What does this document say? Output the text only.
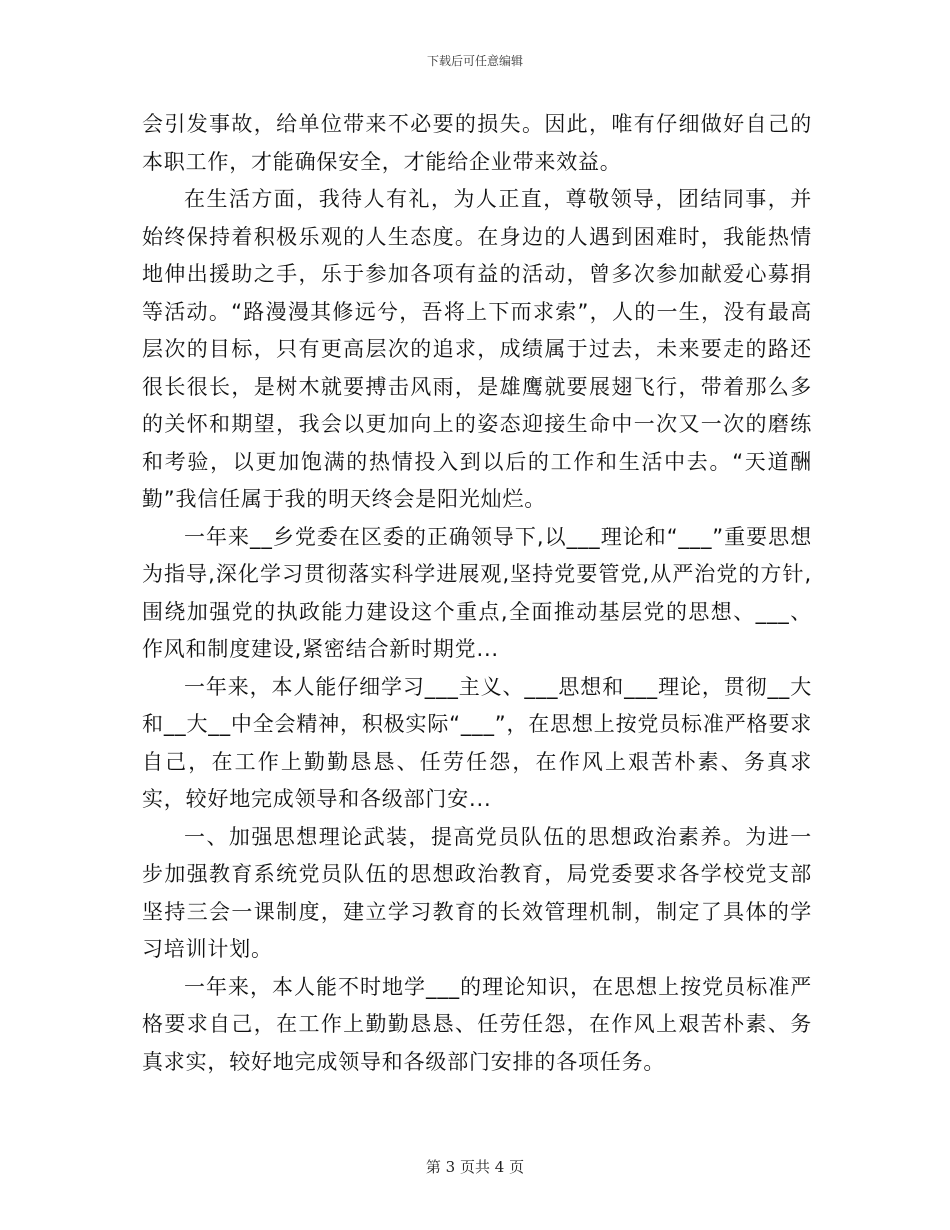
下载后可任意编辑

会引发事故，给单位带来不必要的损失。因此，唯有仔细做好自己的本职工作，才能确保安全，才能给企业带来效益。

在生活方面，我待人有礼，为人正直，尊敬领导，团结同事，并始终保持着积极乐观的人生态度。在身边的人遇到困难时，我能热情地伸出援助之手，乐于参加各项有益的活动，曾多次参加献爱心募捐等活动。“路漫漫其修远兮，吾将上下而求索”，人的一生，没有最高层次的目标，只有更高层次的追求，成绩属于过去，未来要走的路还很长很长，是树木就要搏击风雨，是雄鹰就要展翅飞行，带着那么多的关怀和期望，我会以更加向上的姿态迎接生命中一次又一次的磨练和考验，以更加饱满的热情投入到以后的工作和生活中去。“天道酬勤”我信任属于我的明天终会是阳光灿烂。

一年来__乡党委在区委的正确领导下,以___理论和“___”重要思想为指导,深化学习贯彻落实科学进展观,坚持党要管党,从严治党的方针,围绕加强党的执政能力建设这个重点,全面推动基层党的思想、___、作风和制度建设,紧密结合新时期党...

一年来，本人能仔细学习___主义、___思想和___理论，贯彻__大和__大__中全会精神，积极实际“___”，在思想上按党员标准严格要求自己，在工作上勤勤恳恳、任劳任怨，在作风上艰苦朴素、务真求实，较好地完成领导和各级部门安...

一、加强思想理论武装，提高党员队伍的思想政治素养。为进一步加强教育系统党员队伍的思想政治教育，局党委要求各学校党支部坚持三会一课制度，建立学习教育的长效管理机制，制定了具体的学习培训计划。

一年来，本人能不时地学___的理论知识，在思想上按党员标准严格要求自己，在工作上勤勤恳恳、任劳任怨，在作风上艰苦朴素、务真求实，较好地完成领导和各级部门安排的各项任务。

第 3 页共 4 页
